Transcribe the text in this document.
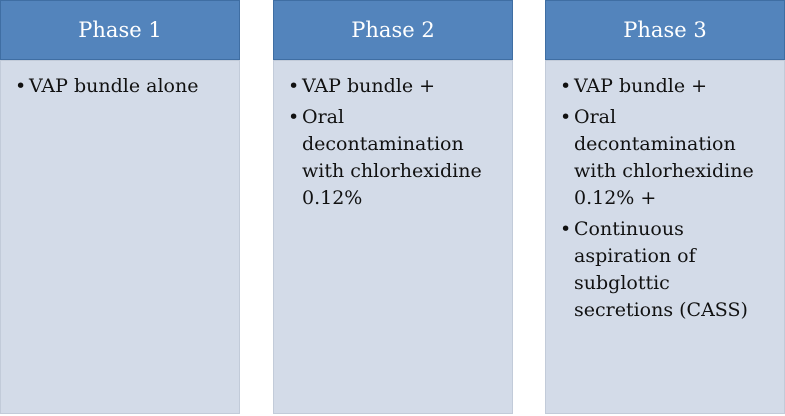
Phase 1
• VAP bundle alone
Phase 2
• VAP bundle +
• Oral decontamination with chlorhexidine 0.12%
Phase 3
• VAP bundle +
• Oral decontamination with chlorhexidine 0.12% +
• Continuous aspiration of subglottic secretions (CASS)
